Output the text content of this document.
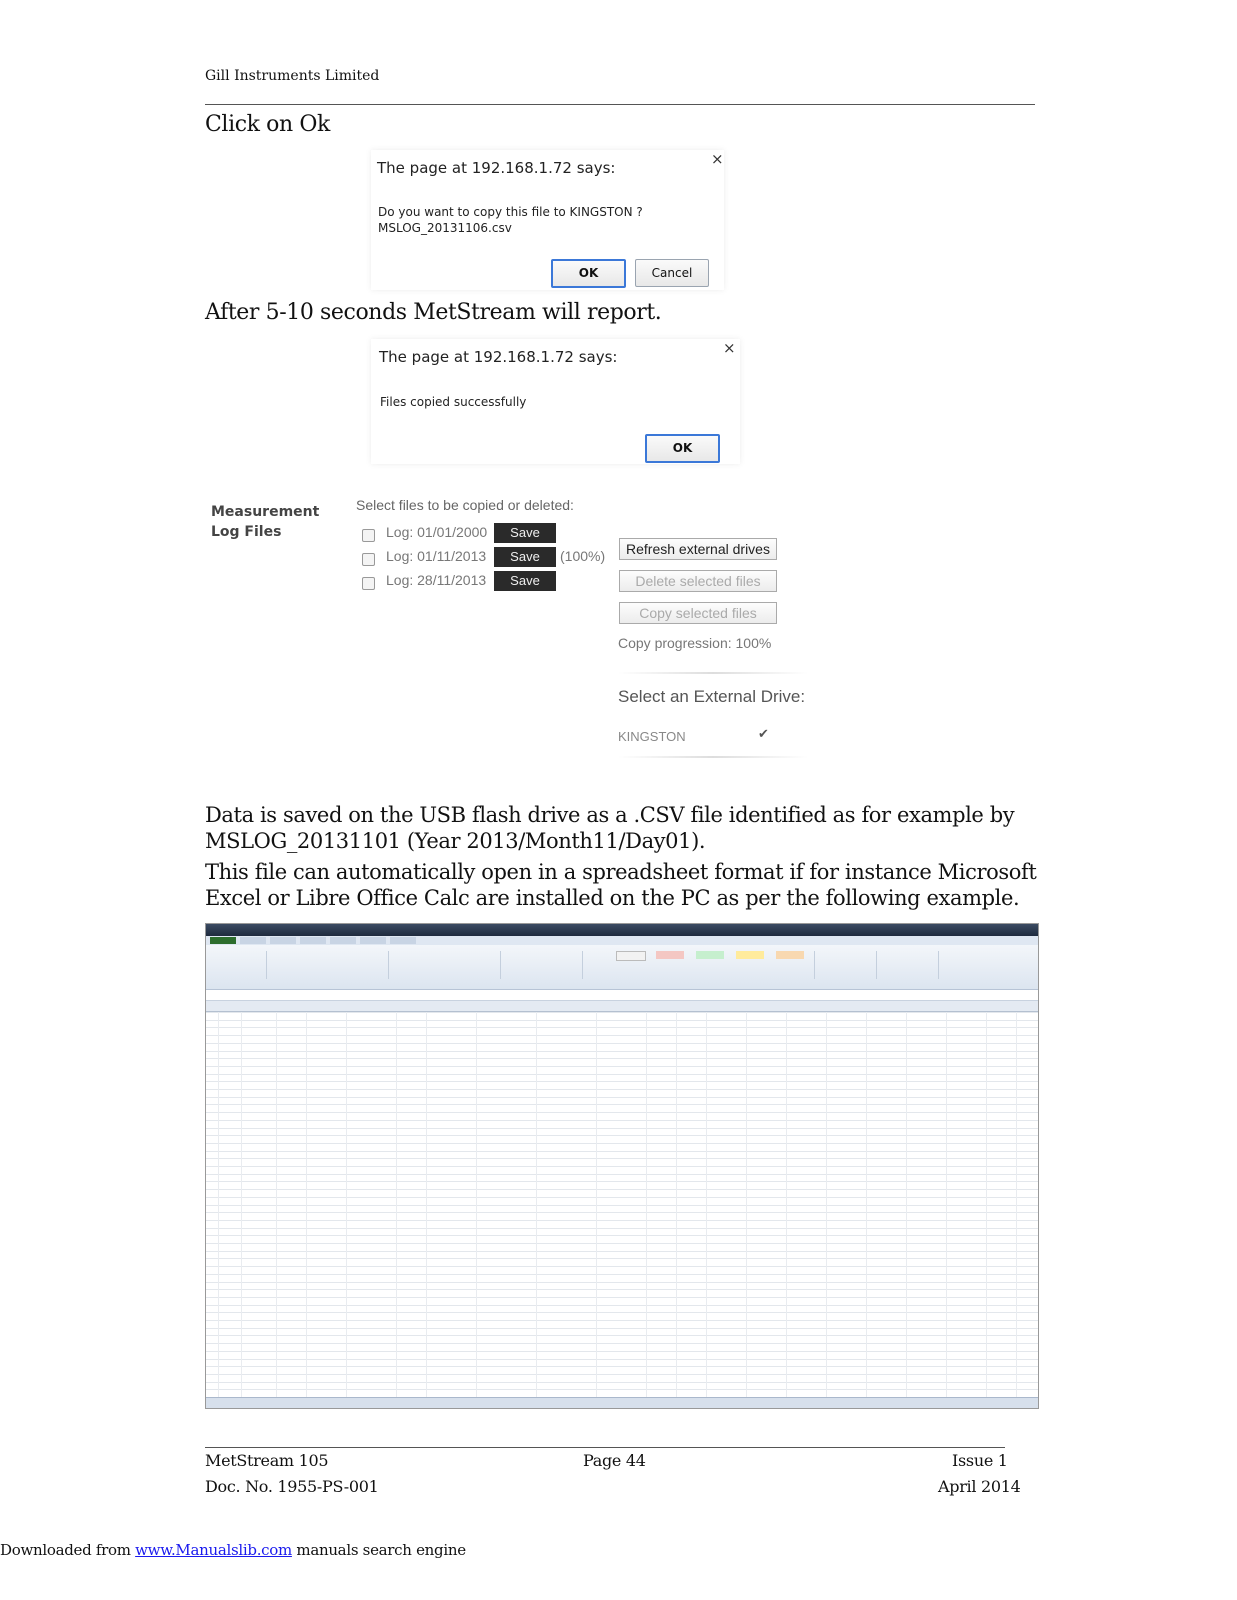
Gill Instruments Limited
Click on Ok
The page at 192.168.1.72 says:	×
Do you want to copy this file to KINGSTON ?
MSLOG_20131106.csv
OK	Cancel
After 5-10 seconds MetStream will report.
The page at 192.168.1.72 says:	×
Files copied successfully
OK
Measurement
Log Files
Select files to be copied or deleted:
Log: 01/01/2000	Save
Log: 01/11/2013	Save	(100%)
Log: 28/11/2013	Save
Refresh external drives
Delete selected files
Copy selected files
Copy progression: 100%
Select an External Drive:
KINGSTON	✔
Data is saved on the USB flash drive as a .CSV file identified as for example by MSLOG_20131101 (Year 2013/Month11/Day01).
This file can automatically open in a spreadsheet format if for instance Microsoft Excel or Libre Office Calc are installed on the PC as per the following example.
MetStream 105	Page 44	Issue 1
Doc. No. 1955-PS-001	April 2014
Downloaded from www.Manualslib.com manuals search engine
